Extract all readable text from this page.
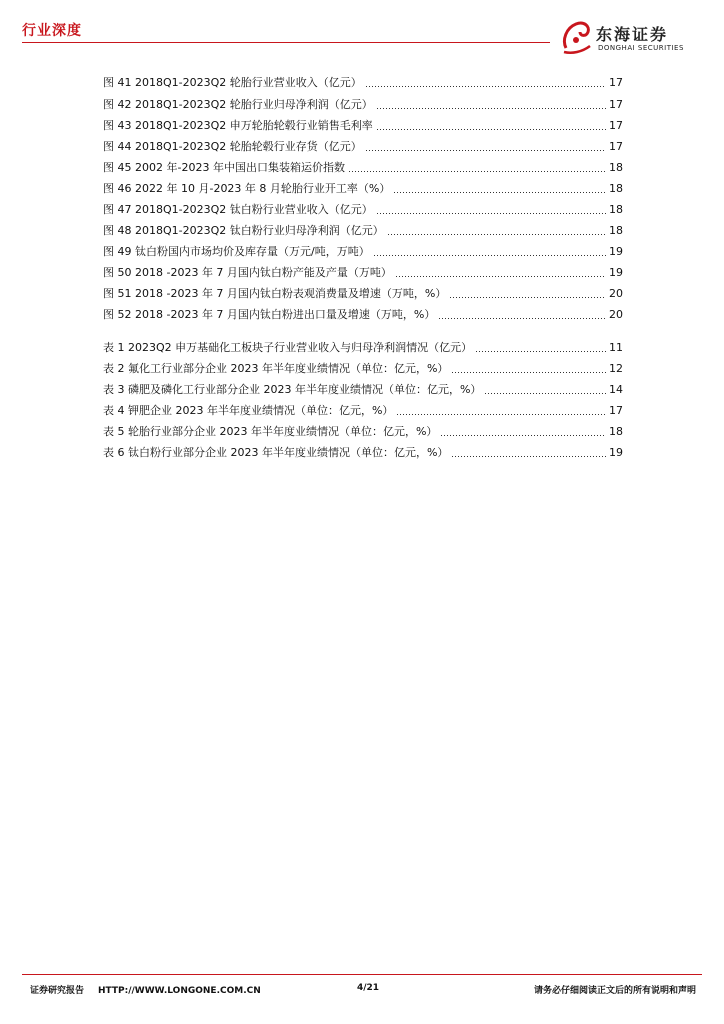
行业深度	东海证券
DONGHAI SECURITIES
图 41 2018Q1-2023Q2 轮胎行业营业收入（亿元）	17
图 42 2018Q1-2023Q2 轮胎行业归母净利润（亿元）	17
图 43 2018Q1-2023Q2 申万轮胎轮毂行业销售毛利率	17
图 44 2018Q1-2023Q2 轮胎轮毂行业存货（亿元）	17
图 45 2002 年-2023 年中国出口集装箱运价指数	18
图 46 2022 年 10 月-2023 年 8 月轮胎行业开工率（%）	18
图 47 2018Q1-2023Q2 钛白粉行业营业收入（亿元）	18
图 48 2018Q1-2023Q2 钛白粉行业归母净利润（亿元）	18
图 49 钛白粉国内市场均价及库存量（万元/吨，万吨）	19
图 50 2018 -2023 年 7 月国内钛白粉产能及产量（万吨）	19
图 51 2018 -2023 年 7 月国内钛白粉表观消费量及增速（万吨，%）	20
图 52 2018 -2023 年 7 月国内钛白粉进出口量及增速（万吨，%）	20
表 1 2023Q2 申万基础化工板块子行业营业收入与归母净利润情况（亿元）	11
表 2 氟化工行业部分企业 2023 年半年度业绩情况（单位：亿元，%）	12
表 3 磷肥及磷化工行业部分企业 2023 年半年度业绩情况（单位：亿元，%）	14
表 4 钾肥企业 2023 年半年度业绩情况（单位：亿元，%）	17
表 5 轮胎行业部分企业 2023 年半年度业绩情况（单位：亿元，%）	18
表 6 钛白粉行业部分企业 2023 年半年度业绩情况（单位：亿元，%）	19
证券研究报告 HTTP://WWW.LONGONE.COM.CN	4/21	请务必仔细阅读正文后的所有说明和声明
